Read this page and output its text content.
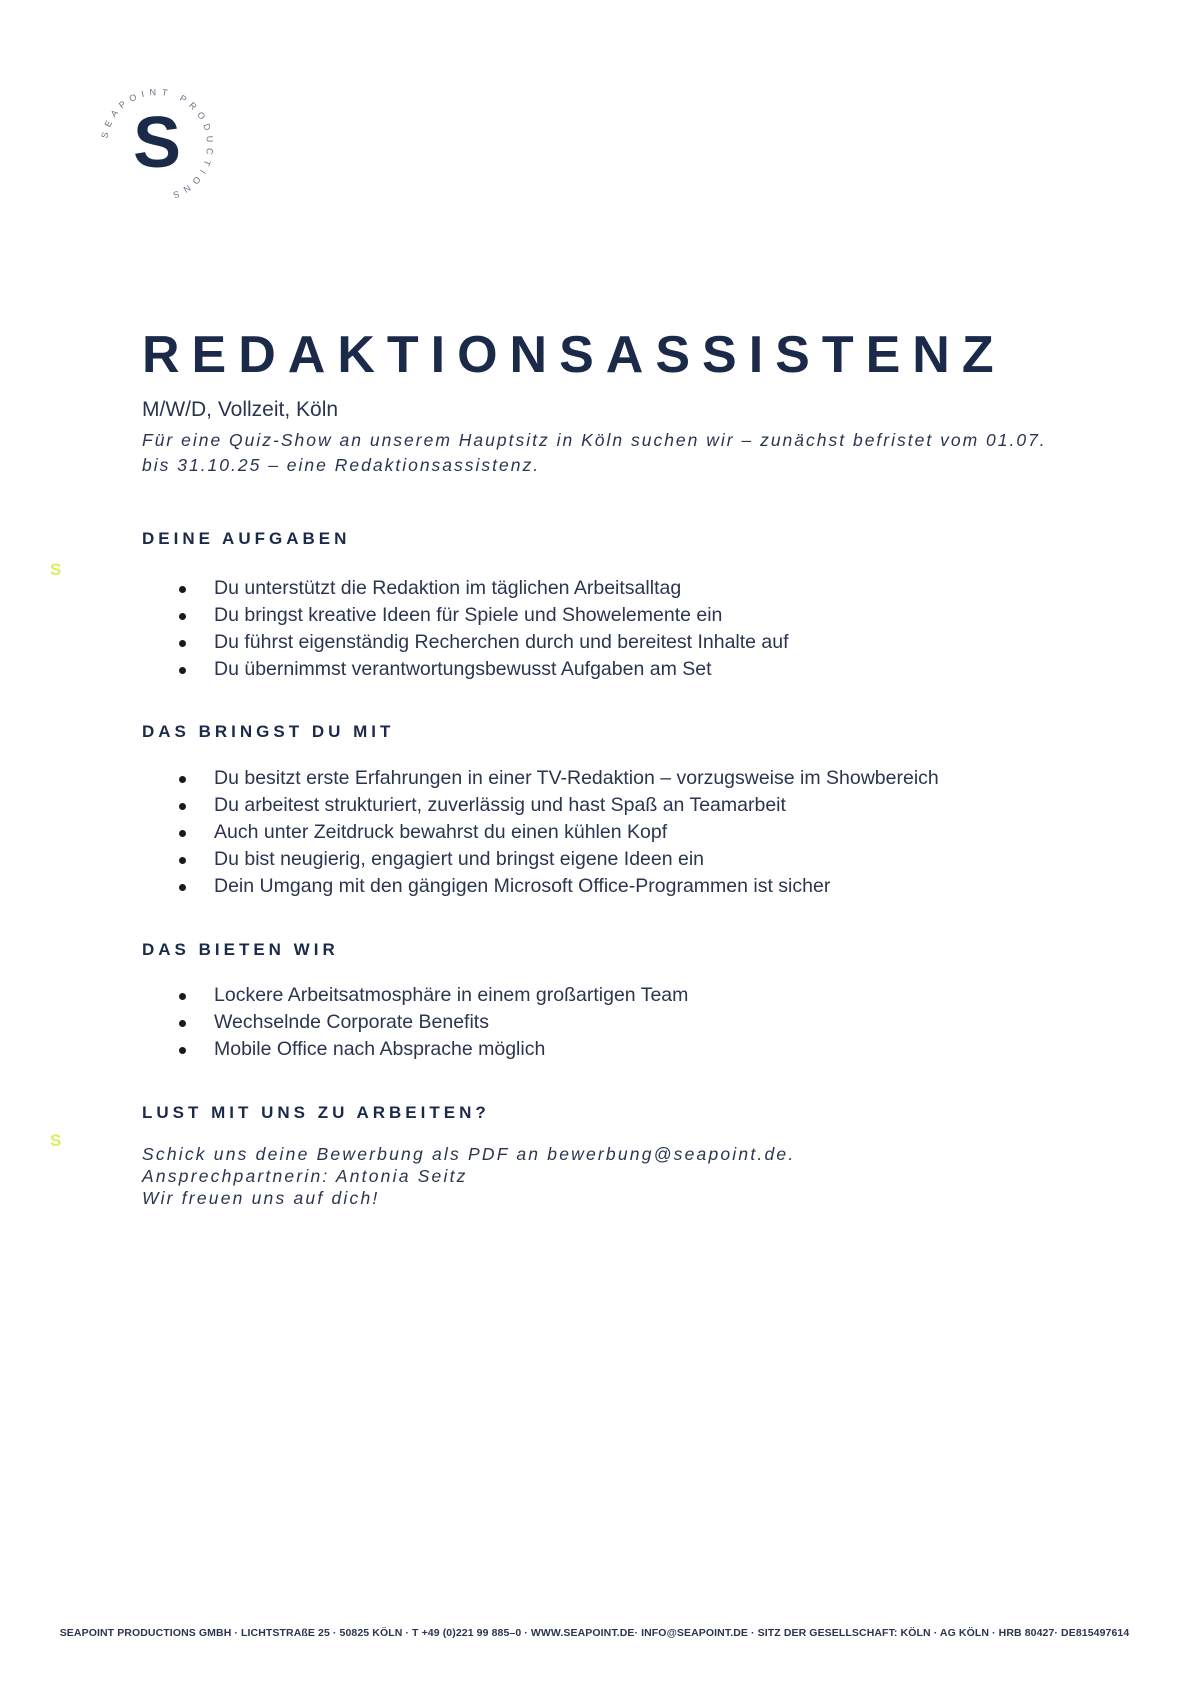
SEAPOINT PRODUCTIONS
S
S
S
REDAKTIONSASSISTENZ
M/W/D, Vollzeit, Köln
Für eine Quiz-Show an unserem Hauptsitz in Köln suchen wir – zunächst befristet vom 01.07. bis 31.10.25 – eine Redaktionsassistenz.
DEINE AUFGABEN
Du unterstützt die Redaktion im täglichen Arbeitsalltag
Du bringst kreative Ideen für Spiele und Showelemente ein
Du führst eigenständig Recherchen durch und bereitest Inhalte auf
Du übernimmst verantwortungsbewusst Aufgaben am Set
DAS BRINGST DU MIT
Du besitzt erste Erfahrungen in einer TV-Redaktion – vorzugsweise im Showbereich
Du arbeitest strukturiert, zuverlässig und hast Spaß an Teamarbeit
Auch unter Zeitdruck bewahrst du einen kühlen Kopf
Du bist neugierig, engagiert und bringst eigene Ideen ein
Dein Umgang mit den gängigen Microsoft Office-Programmen ist sicher
DAS BIETEN WIR
Lockere Arbeitsatmosphäre in einem großartigen Team
Wechselnde Corporate Benefits
Mobile Office nach Absprache möglich
LUST MIT UNS ZU ARBEITEN?
Schick uns deine Bewerbung als PDF an bewerbung@seapoint.de.
Ansprechpartnerin: Antonia Seitz
Wir freuen uns auf dich!
SEAPOINT PRODUCTIONS GMBH · LICHTSTRAßE 25 · 50825 KÖLN · T +49 (0)221 99 885–0 · WWW.SEAPOINT.DE· INFO@SEAPOINT.DE · SITZ DER GESELLSCHAFT: KÖLN · AG KÖLN · HRB 80427· DE815497614
